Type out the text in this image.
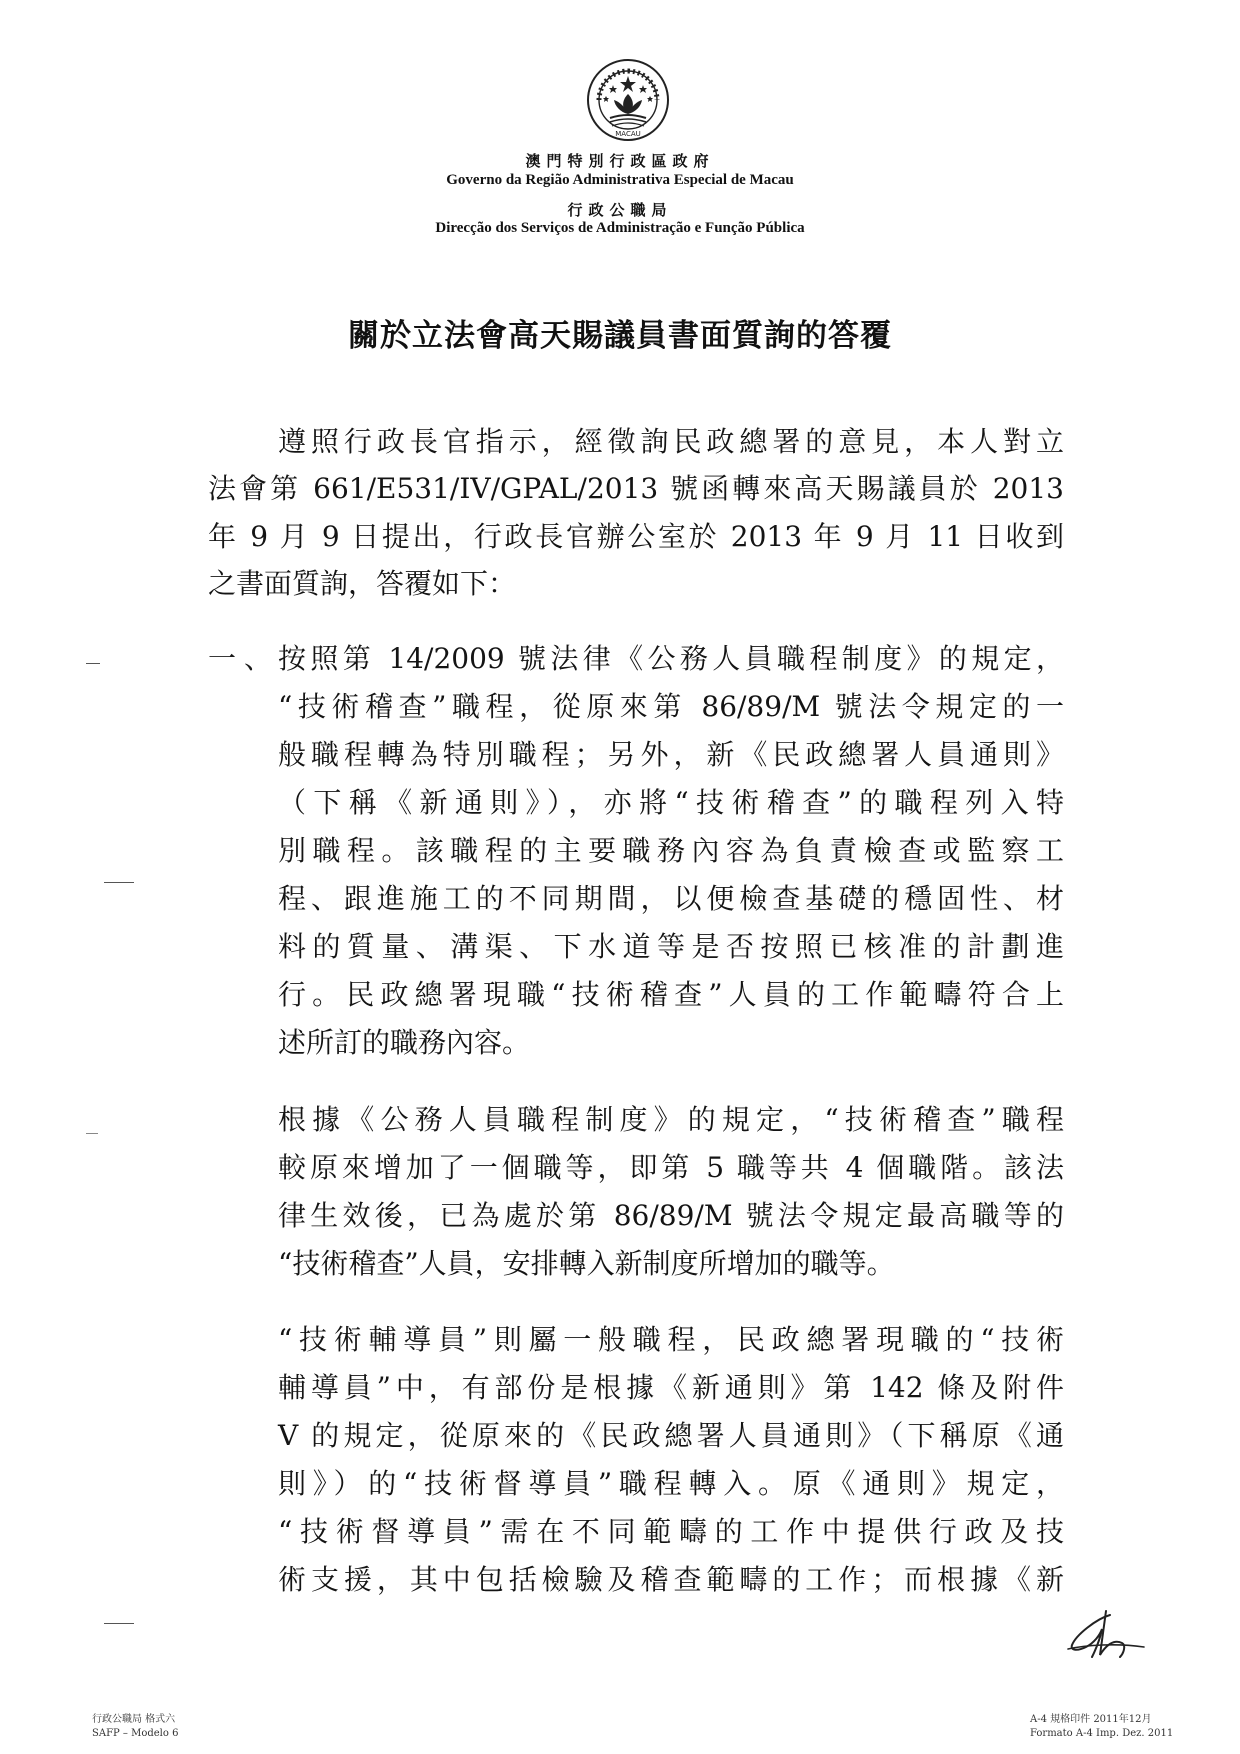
MACAU
澳門特別行政區政府
Governo da Região Administrativa Especial de Macau
行政公職局
Direcção dos Serviços de Administração e Função Pública
關於立法會高天賜議員書面質詢的答覆
遵照行政長官指示，經徵詢民政總署的意見，本人對立
法會第 661/E531/IV/GPAL/2013 號函轉來高天賜議員於 2013
年 9 月 9 日提出，行政長官辦公室於 2013 年 9 月 11 日收到
之書面質詢，答覆如下：
一、
按照第 14/2009 號法律《公務人員職程制度》的規定，
“技術稽查”職程，從原來第 86/89/M 號法令規定的一
般職程轉為特別職程；另外，新《民政總署人員通則》
（下稱《新通則》），亦將“技術稽查”的職程列入特
別職程。該職程的主要職務內容為負責檢查或監察工
程、跟進施工的不同期間，以便檢查基礎的穩固性、材
料的質量、溝渠、下水道等是否按照已核准的計劃進
行。民政總署現職“技術稽查”人員的工作範疇符合上
述所訂的職務內容。
根據《公務人員職程制度》的規定，“技術稽查”職程
較原來增加了一個職等，即第 5 職等共 4 個職階。該法
律生效後，已為處於第 86/89/M 號法令規定最高職等的
“技術稽查”人員，安排轉入新制度所增加的職等。
“技術輔導員”則屬一般職程，民政總署現職的“技術
輔導員”中，有部份是根據《新通則》第 142 條及附件
V 的規定，從原來的《民政總署人員通則》（下稱原《通
則》）的“技術督導員”職程轉入。原《通則》規定，
“技術督導員”需在不同範疇的工作中提供行政及技
術支援，其中包括檢驗及稽查範疇的工作；而根據《新
行政公職局 格式六
SAFP – Modelo 6
A-4 規格印件 2011年12月
Formato A-4 Imp. Dez. 2011
